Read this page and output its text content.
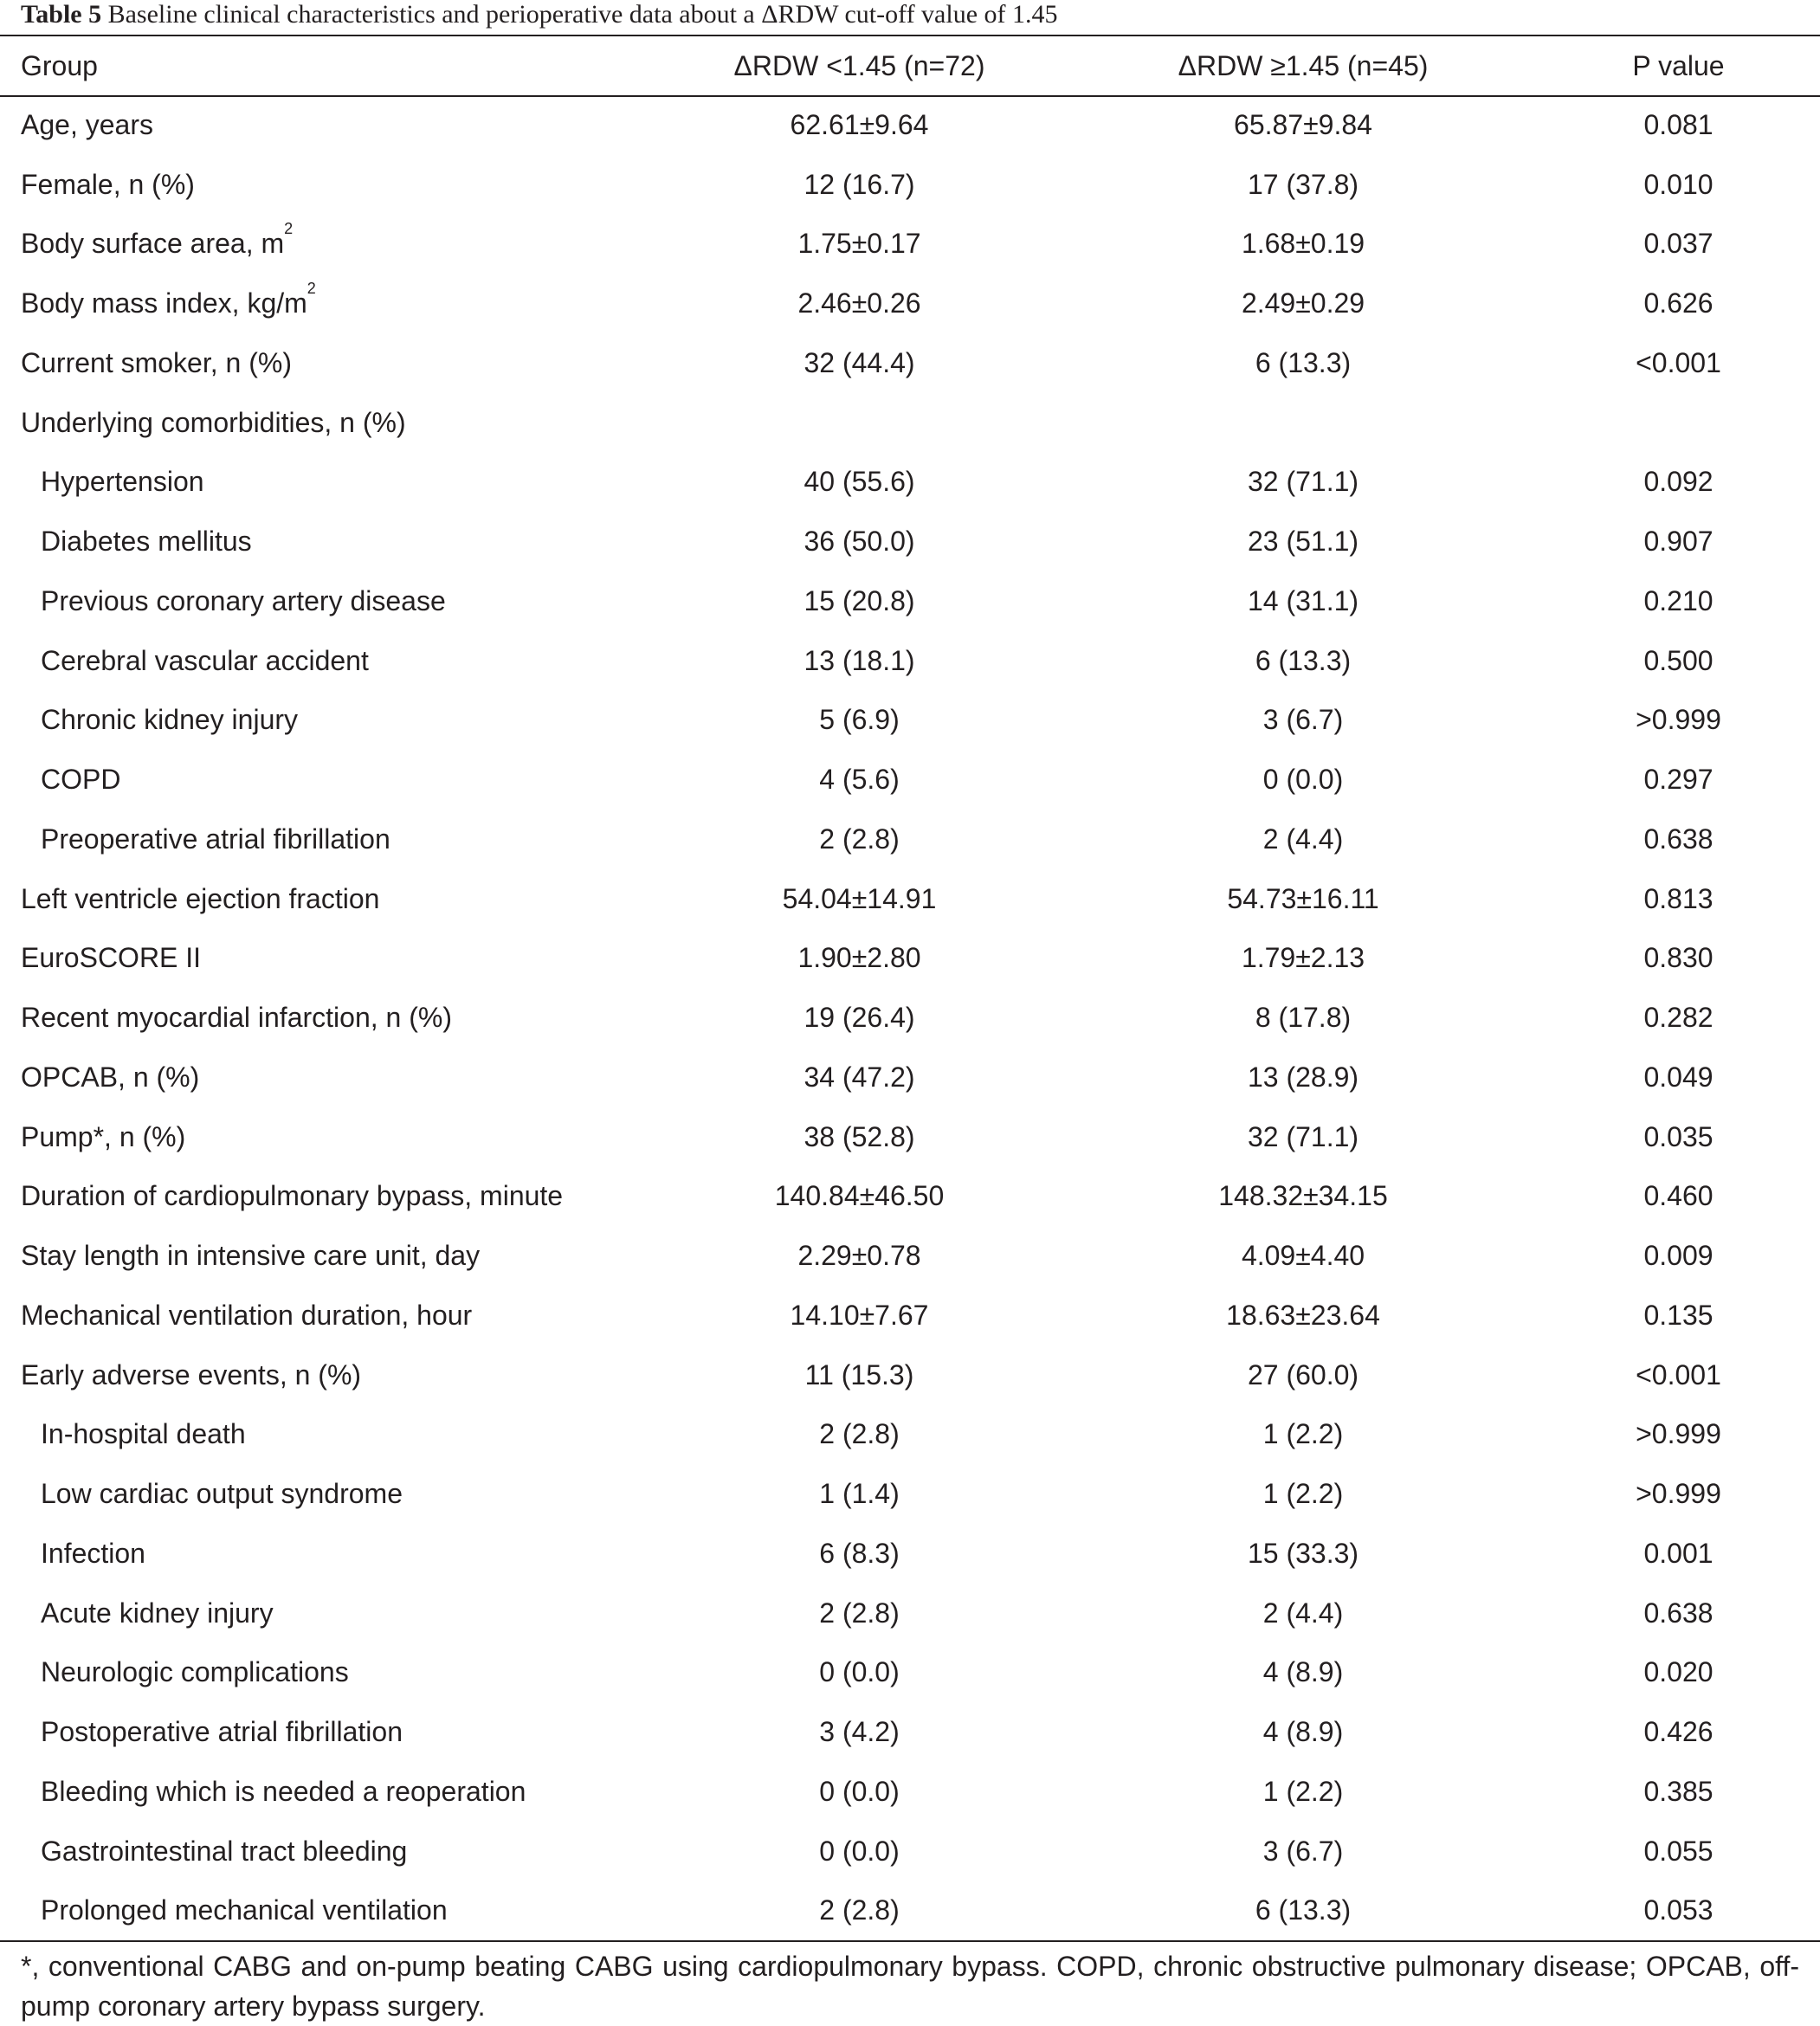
Table 5 Baseline clinical characteristics and perioperative data about a ΔRDW cut-off value of 1.45
Group	ΔRDW <1.45 (n=72)	ΔRDW ≥1.45 (n=45)	P value
Age, years	62.61±9.64	65.87±9.84	0.081
Female, n (%)	12 (16.7)	17 (37.8)	0.010
Body surface area, $m^2$	1.75±0.17	1.68±0.19	0.037
Body mass index, $kg/m^2$	2.46±0.26	2.49±0.29	0.626
Current smoker, n (%)	32 (44.4)	6 (13.3)	<0.001
Underlying comorbidities, n (%)			
Hypertension	40 (55.6)	32 (71.1)	0.092
Diabetes mellitus	36 (50.0)	23 (51.1)	0.907
Previous coronary artery disease	15 (20.8)	14 (31.1)	0.210
Cerebral vascular accident	13 (18.1)	6 (13.3)	0.500
Chronic kidney injury	5 (6.9)	3 (6.7)	>0.999
COPD	4 (5.6)	0 (0.0)	0.297
Preoperative atrial fibrillation	2 (2.8)	2 (4.4)	0.638
Left ventricle ejection fraction	54.04±14.91	54.73±16.11	0.813
EuroSCORE II	1.90±2.80	1.79±2.13	0.830
Recent myocardial infarction, n (%)	19 (26.4)	8 (17.8)	0.282
OPCAB, n (%)	34 (47.2)	13 (28.9)	0.049
Pump*, n (%)	38 (52.8)	32 (71.1)	0.035
Duration of cardiopulmonary bypass, minute	140.84±46.50	148.32±34.15	0.460
Stay length in intensive care unit, day	2.29±0.78	4.09±4.40	0.009
Mechanical ventilation duration, hour	14.10±7.67	18.63±23.64	0.135
Early adverse events, n (%)	11 (15.3)	27 (60.0)	<0.001
In-hospital death	2 (2.8)	1 (2.2)	>0.999
Low cardiac output syndrome	1 (1.4)	1 (2.2)	>0.999
Infection	6 (8.3)	15 (33.3)	0.001
Acute kidney injury	2 (2.8)	2 (4.4)	0.638
Neurologic complications	0 (0.0)	4 (8.9)	0.020
Postoperative atrial fibrillation	3 (4.2)	4 (8.9)	0.426
Bleeding which is needed a reoperation	0 (0.0)	1 (2.2)	0.385
Gastrointestinal tract bleeding	0 (0.0)	3 (6.7)	0.055
Prolonged mechanical ventilation	2 (2.8)	6 (13.3)	0.053
*, conventional CABG and on-pump beating CABG using cardiopulmonary bypass. COPD, chronic obstructive pulmonary disease; OPCAB, off-pump coronary artery bypass surgery.
